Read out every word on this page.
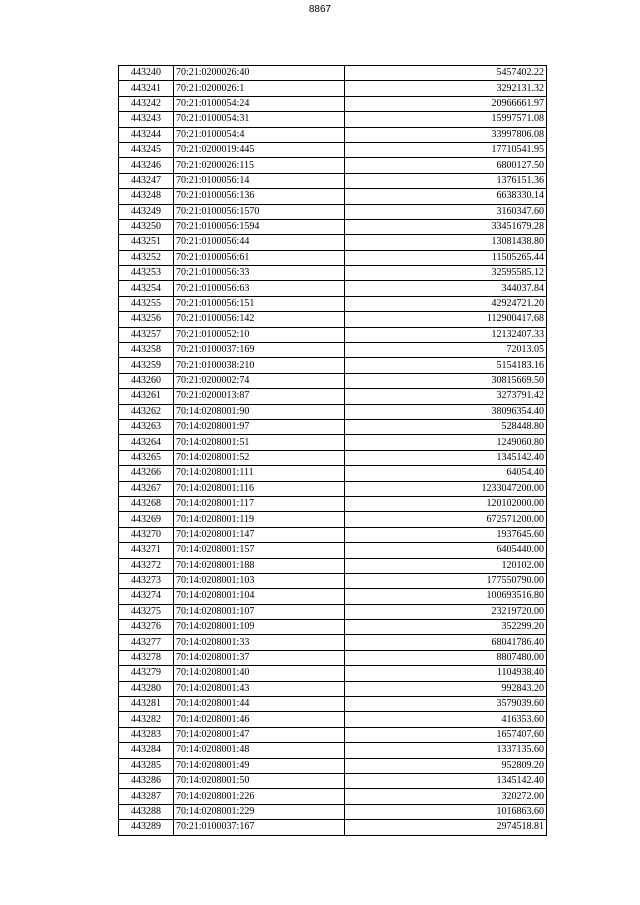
8867
443240	70:21:0200026:40	5457402.22
443241	70:21:0200026:1	3292131.32
443242	70:21:0100054:24	20966661.97
443243	70:21:0100054:31	15997571.08
443244	70:21:0100054:4	33997806.08
443245	70:21:0200019:445	17710541.95
443246	70:21:0200026:115	6800127.50
443247	70:21:0100056:14	1376151.36
443248	70:21:0100056:136	6638330.14
443249	70:21:0100056:1570	3160347.60
443250	70:21:0100056:1594	33451679.28
443251	70:21:0100056:44	13081438.80
443252	70:21:0100056:61	11505265.44
443253	70:21:0100056:33	32595585.12
443254	70:21:0100056:63	344037.84
443255	70:21:0100056:151	42924721.20
443256	70:21:0100056:142	112900417.68
443257	70:21:0100052:10	12132407.33
443258	70:21:0100037:169	72013.05
443259	70:21:0100038:210	5154183.16
443260	70:21:0200002:74	30815669.50
443261	70:21:0200013:87	3273791.42
443262	70:14:0208001:90	38096354.40
443263	70:14:0208001:97	528448.80
443264	70:14:0208001:51	1249060.80
443265	70:14:0208001:52	1345142.40
443266	70:14:0208001:111	64054.40
443267	70:14:0208001:116	1233047200.00
443268	70:14:0208001:117	120102000.00
443269	70:14:0208001:119	672571200.00
443270	70:14:0208001:147	1937645.60
443271	70:14:0208001:157	6405440.00
443272	70:14:0208001:188	120102.00
443273	70:14:0208001:103	177550790.00
443274	70:14:0208001:104	100693516.80
443275	70:14:0208001:107	23219720.00
443276	70:14:0208001:109	352299.20
443277	70:14:0208001:33	68041786.40
443278	70:14:0208001:37	8807480.00
443279	70:14:0208001:40	1104938.40
443280	70:14:0208001:43	992843.20
443281	70:14:0208001:44	3579039.60
443282	70:14:0208001:46	416353.60
443283	70:14:0208001:47	1657407.60
443284	70:14:0208001:48	1337135.60
443285	70:14:0208001:49	952809.20
443286	70:14:0208001:50	1345142.40
443287	70:14:0208001:226	320272.00
443288	70:14:0208001:229	1016863.60
443289	70:21:0100037:167	2974518.81
